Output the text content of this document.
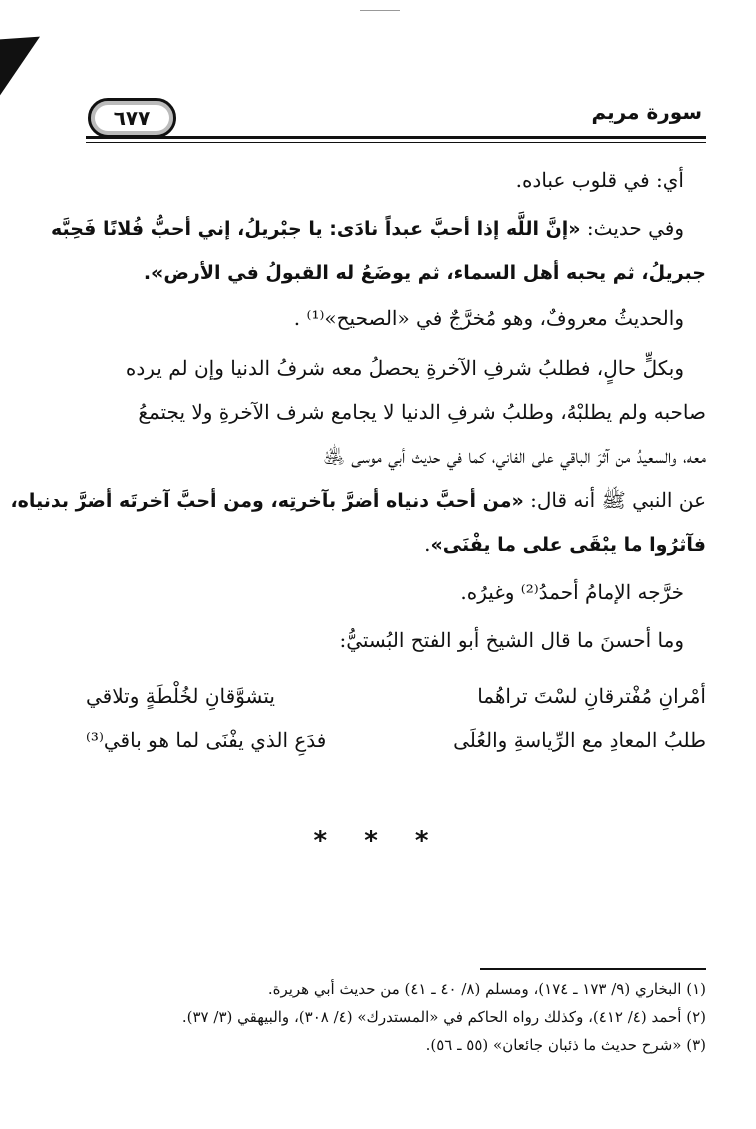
٦٧٧	سورة مريم
أي: في قلوب عباده.
وفي حديث: «إنَّ اللَّه إذا أحبَّ عبداً نادَى: يا جبْريلُ، إني أحبُّ فُلانًا فَحِبَّه
جبريلُ، ثم يحبه أهل السماء، ثم يوضَعُ له القبولُ في الأرض».
والحديثُ معروفٌ، وهو مُخرَّجٌ في «الصحيح»⁽¹⁾ .
وبكلٍّ حالٍ، فطلبُ شرفِ الآخرةِ يحصلُ معه شرفُ الدنيا وإن لم يرده
صاحبه ولم يطلبْهُ، وطلبُ شرفِ الدنيا لا يجامع شرف الآخرةِ ولا يجتمعُ
معه، والسعيدُ من آثرَ الباقي على الفاني، كما في حديث أبي موسى ﵁
عن النبي ﷺ أنه قال: «من أحبَّ دنياه أضرَّ بآخرتِه، ومن أحبَّ آخرتَه أضرَّ بدنياه،
فآثرُوا ما يبْقَى على ما يفْنَى».
خرَّجه الإمامُ أحمدُ⁽²⁾ وغيرُه.
وما أحسنَ ما قال الشيخ أبو الفتح البُستيُّ:
أمْرانِ مُفْترقانِ لسْتَ تراهُما
يتشوَّقانِ لخُلْطَةٍ وتلاقي
طلبُ المعادِ مع الرِّياسةِ والعُلَى
فدَعِ الذي يفْنَى لما هو باقي⁽³⁾
* * *
(١) البخاري (٩/ ١٧٣ ـ ١٧٤)، ومسلم (٨/ ٤٠ ـ ٤١) من حديث أبي هريرة.
(٢) أحمد (٤/ ٤١٢)، وكذلك رواه الحاكم في «المستدرك» (٤/ ٣٠٨)، والبيهقي (٣/ ٣٧).
(٣) «شرح حديث ما ذئبان جائعان» (٥٥ ـ ٥٦).
